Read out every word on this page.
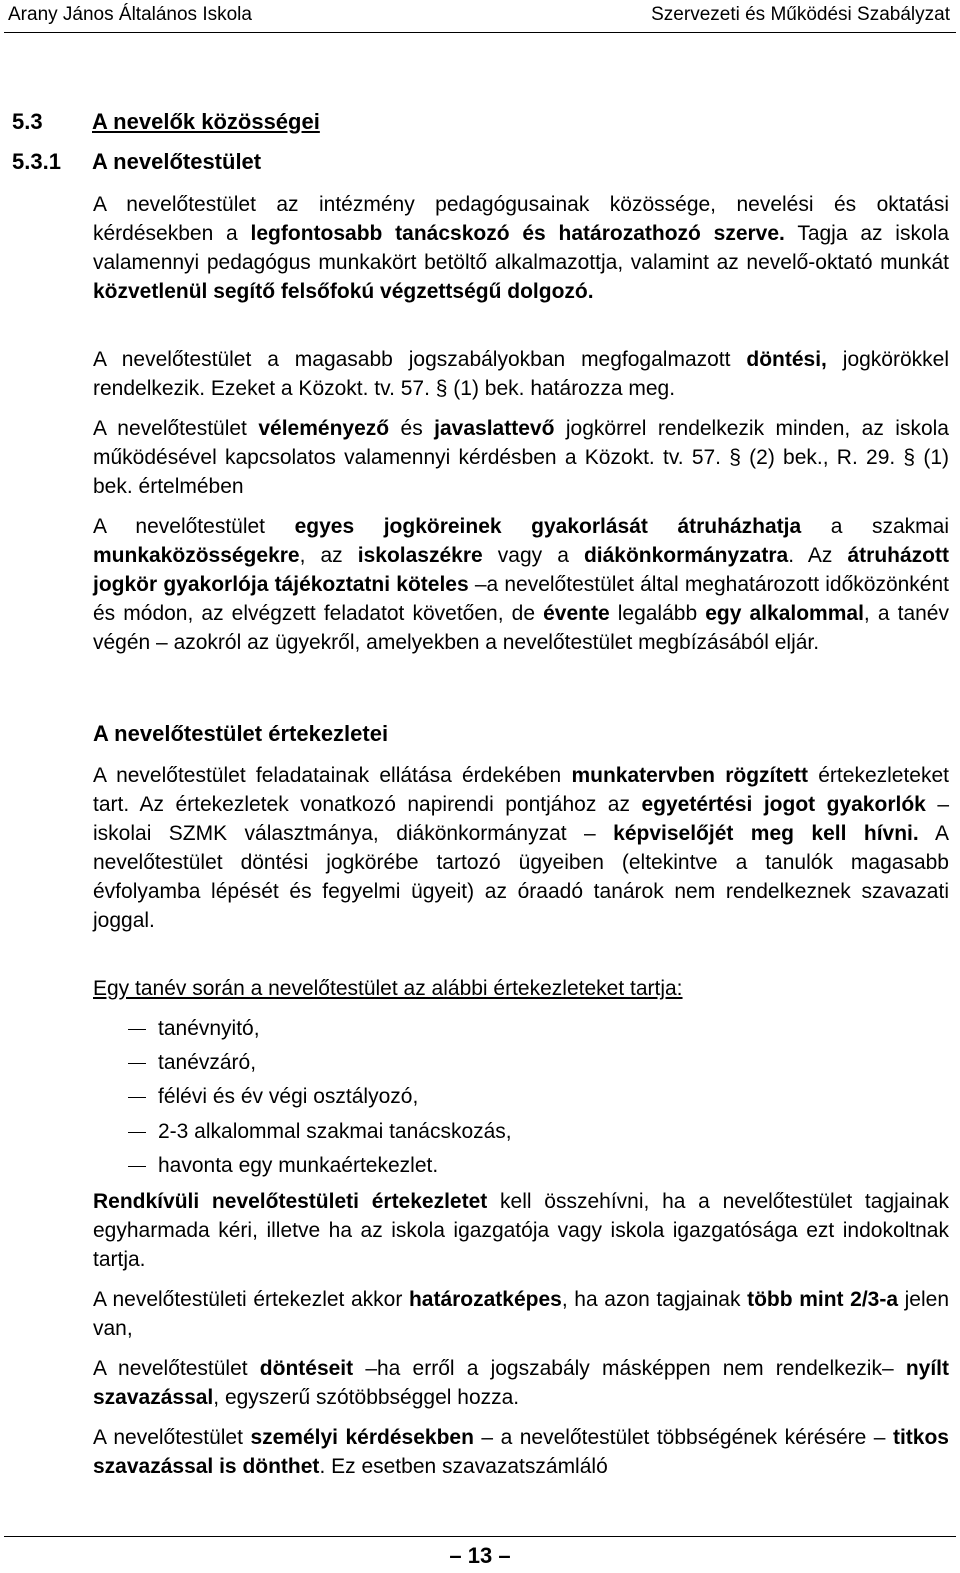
Arany János Általános Iskola	Szervezeti és Működési Szabályzat
5.3 A nevelők közösségei
5.3.1 A nevelőtestület
A nevelőtestület az intézmény pedagógusainak közössége, nevelési és oktatási kérdésekben a legfontosabb tanácskozó és határozathozó szerve. Tagja az iskola valamennyi pedagógus munkakört betöltő alkalmazottja, valamint az nevelő-oktató munkát közvetlenül segítő felsőfokú végzettségű dolgozó.
A nevelőtestület a magasabb jogszabályokban megfogalmazott döntési, jogkörökkel rendelkezik. Ezeket a Közokt. tv. 57. § (1) bek. határozza meg.
A nevelőtestület véleményező és javaslattevő jogkörrel rendelkezik minden, az iskola működésével kapcsolatos valamennyi kérdésben a Közokt. tv. 57. § (2) bek., R. 29. § (1) bek. értelmében
A nevelőtestület egyes jogköreinek gyakorlását átruházhatja a szakmai munkaközösségekre, az iskolaszékre vagy a diákönkormányzatra. Az átruházott jogkör gyakorlója tájékoztatni köteles –a nevelőtestület által meghatározott időközönként és módon, az elvégzett feladatot követően, de évente legalább egy alkalommal, a tanév végén – azokról az ügyekről, amelyekben a nevelőtestület megbízásából eljár.
A nevelőtestület értekezletei
A nevelőtestület feladatainak ellátása érdekében munkatervben rögzített értekezleteket tart. Az értekezletek vonatkozó napirendi pontjához az egyetértési jogot gyakorlók – iskolai SZMK választmánya, diákönkormányzat – képviselőjét meg kell hívni. A nevelőtestület döntési jogkörébe tartozó ügyeiben (eltekintve a tanulók magasabb évfolyamba lépését és fegyelmi ügyeit) az óraadó tanárok nem rendelkeznek szavazati joggal.
Egy tanév során a nevelőtestület az alábbi értekezleteket tartja:
tanévnyitó,
tanévzáró,
félévi és év végi osztályozó,
2-3 alkalommal szakmai tanácskozás,
havonta egy munkaértekezlet.
Rendkívüli nevelőtestületi értekezletet kell összehívni, ha a nevelőtestület tagjainak egyharmada kéri, illetve ha az iskola igazgatója vagy iskola igazgatósága ezt indokoltnak tartja.
A nevelőtestületi értekezlet akkor határozatképes, ha azon tagjainak több mint 2/3-a jelen van,
A nevelőtestület döntéseit –ha erről a jogszabály másképpen nem rendelkezik– nyílt szavazással, egyszerű szótöbbséggel hozza.
A nevelőtestület személyi kérdésekben – a nevelőtestület többségének kérésére – titkos szavazással is dönthet. Ez esetben szavazatszámláló
– 13 –
